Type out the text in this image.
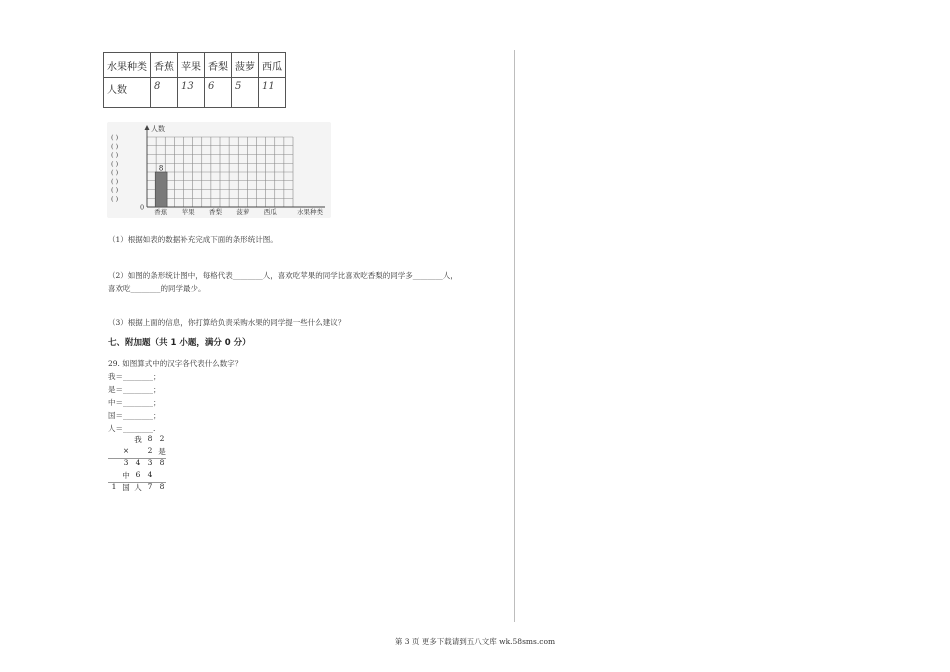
水果种类	香蕉	苹果	香梨	菠萝	西瓜
人数	8	13	6	5	11
人数
( )
( )
( )
( )
( )
( )
( )
( )
0
8
香蕉 苹果 香梨 菠萝 西瓜	水果种类
（1）根据如表的数据补充完成下面的条形统计图。
（2）如图的条形统计图中，每格代表________人，喜欢吃苹果的同学比喜欢吃香梨的同学多________人，
喜欢吃________的同学最少。
（3）根据上面的信息，你打算给负责采购水果的同学提一些什么建议？
七、附加题（共 1 小题，满分 0 分）
29. 如图算式中的汉字各代表什么数字？
我＝________；
是＝________；
中＝________；
国＝________；
人＝________.
我 8 2
× 2 是
3 4 3 8
中 6 4
1 国 人 7 8
第 3 页 更多下载请到五八文库 wk.58sms.com
